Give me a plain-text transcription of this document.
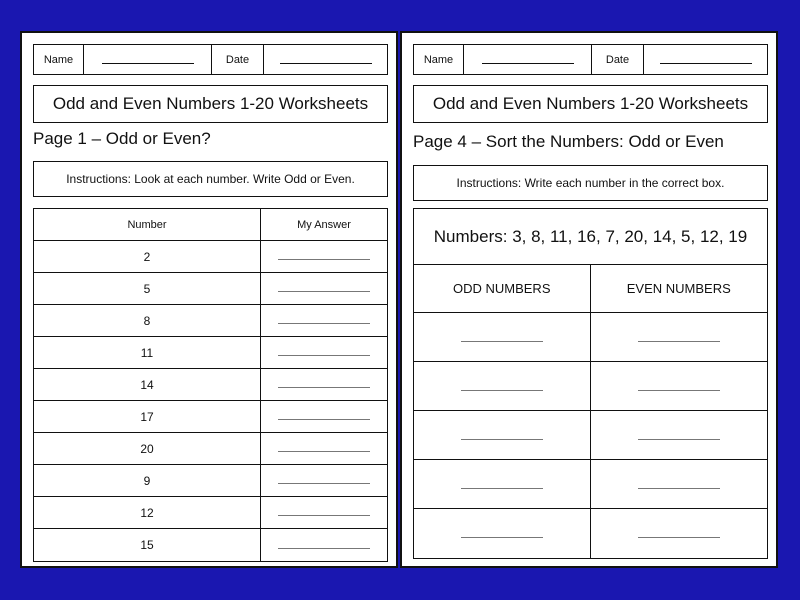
Name	Date
Odd and Even Numbers 1-20 Worksheets
Page 1 – Odd or Even?
Instructions: Look at each number. Write Odd or Even.
Number	My Answer
2
5
8
11
14
17
20
9
12
15
Name	Date
Odd and Even Numbers 1-20 Worksheets
Page 4 – Sort the Numbers: Odd or Even
Instructions: Write each number in the correct box.
Numbers: 3, 8, 11, 16, 7, 20, 14, 5, 12, 19
ODD NUMBERS	EVEN NUMBERS
